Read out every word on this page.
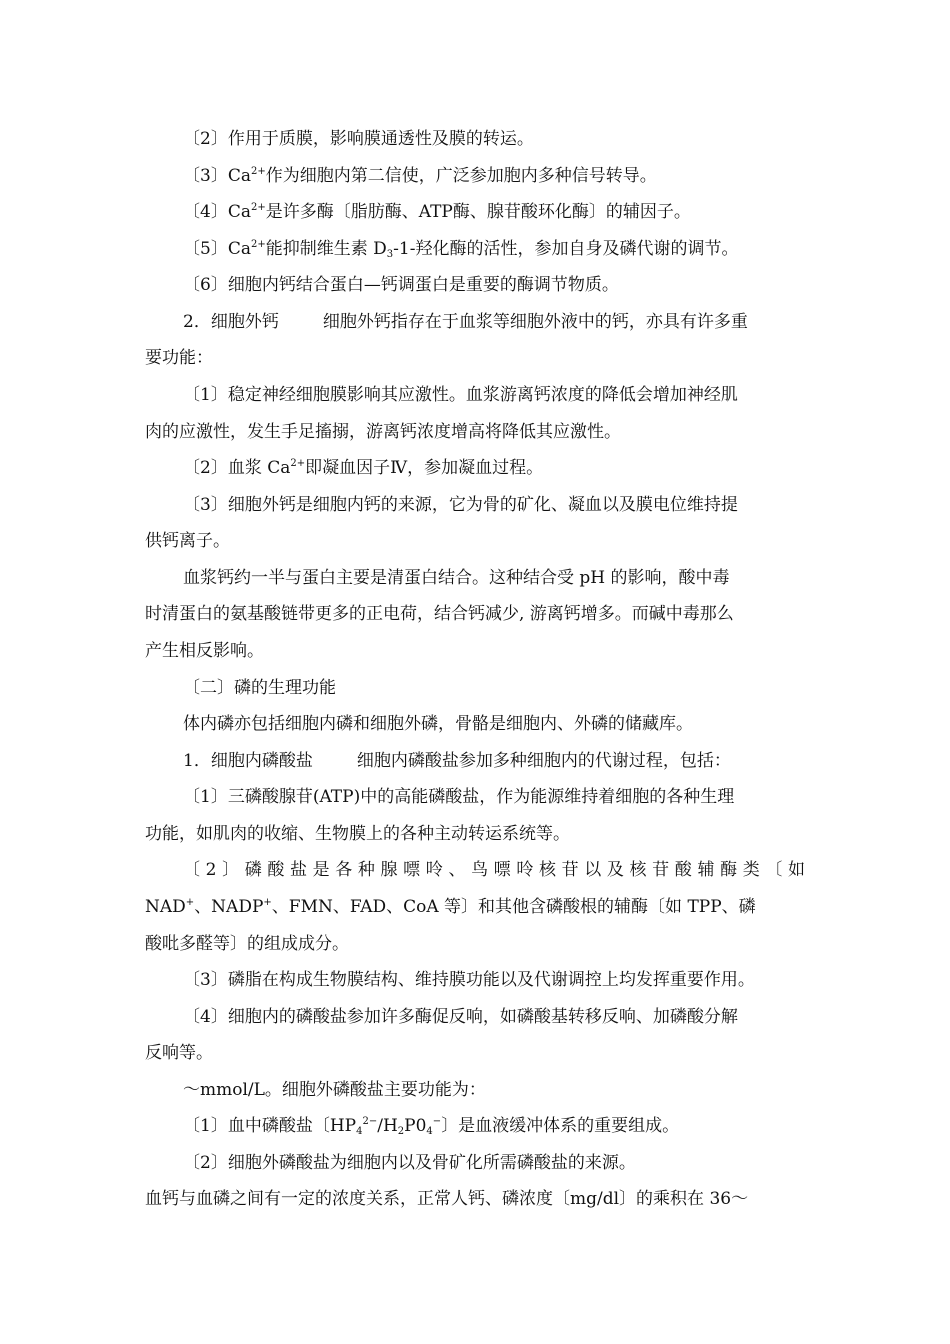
〔2〕作用于质膜，影响膜通透性及膜的转运。
〔3〕$Ca^{2+}$作为细胞内第二信使，广泛参加胞内多种信号转导。
〔4〕$Ca^{2+}$是许多酶〔脂肪酶、ATP酶、腺苷酸环化酶〕的辅因子。
〔5〕$Ca^{2+}$能抑制维生素 $D_3-1-$羟化酶的活性，参加自身及磷代谢的调节。
〔6〕细胞内钙结合蛋白—钙调蛋白是重要的酶调节物质。
2．细胞外钙	细胞外钙指存在于血浆等细胞外液中的钙，亦具有许多重
要功能：
〔1〕稳定神经细胞膜影响其应激性。血浆游离钙浓度的降低会增加神经肌
肉的应激性，发生手足搐搦，游离钙浓度增高将降低其应激性。
〔2〕血浆 $Ca^{2+}$即凝血因子Ⅳ，参加凝血过程。
〔3〕细胞外钙是细胞内钙的来源，它为骨的矿化、凝血以及膜电位维持提
供钙离子。
血浆钙约一半与蛋白主要是清蛋白结合。这种结合受 pH 的影响，酸中毒
时清蛋白的氨基酸链带更多的正电荷，结合钙减少, 游离钙增多。而碱中毒那么
产生相反影响。
〔二〕磷的生理功能
体内磷亦包括细胞内磷和细胞外磷，骨骼是细胞内、外磷的储藏库。
1．细胞内磷酸盐	细胞内磷酸盐参加多种细胞内的代谢过程，包括：
〔1〕三磷酸腺苷(ATP)中的高能磷酸盐，作为能源维持着细胞的各种生理
功能，如肌肉的收缩、生物膜上的各种主动转运系统等。
〔2〕磷酸盐是各种腺嘌呤、鸟嘌呤核苷以及核苷酸辅酶类〔如
NAD+、NADP+、FMN、FAD、CoA 等〕和其他含磷酸根的辅酶〔如 TPP、磷
酸吡多醛等〕的组成成分。
〔3〕磷脂在构成生物膜结构、维持膜功能以及代谢调控上均发挥重要作用。
〔4〕细胞内的磷酸盐参加许多酶促反响，如磷酸基转移反响、加磷酸分解
反响等。
～mmol/L。细胞外磷酸盐主要功能为：
〔1〕血中磷酸盐〔$HP_4^{2-}/H_2P0_4^-$〕是血液缓冲体系的重要组成。
〔2〕细胞外磷酸盐为细胞内以及骨矿化所需磷酸盐的来源。
血钙与血磷之间有一定的浓度关系，正常人钙、磷浓度〔mg/dl〕的乘积在 36～
